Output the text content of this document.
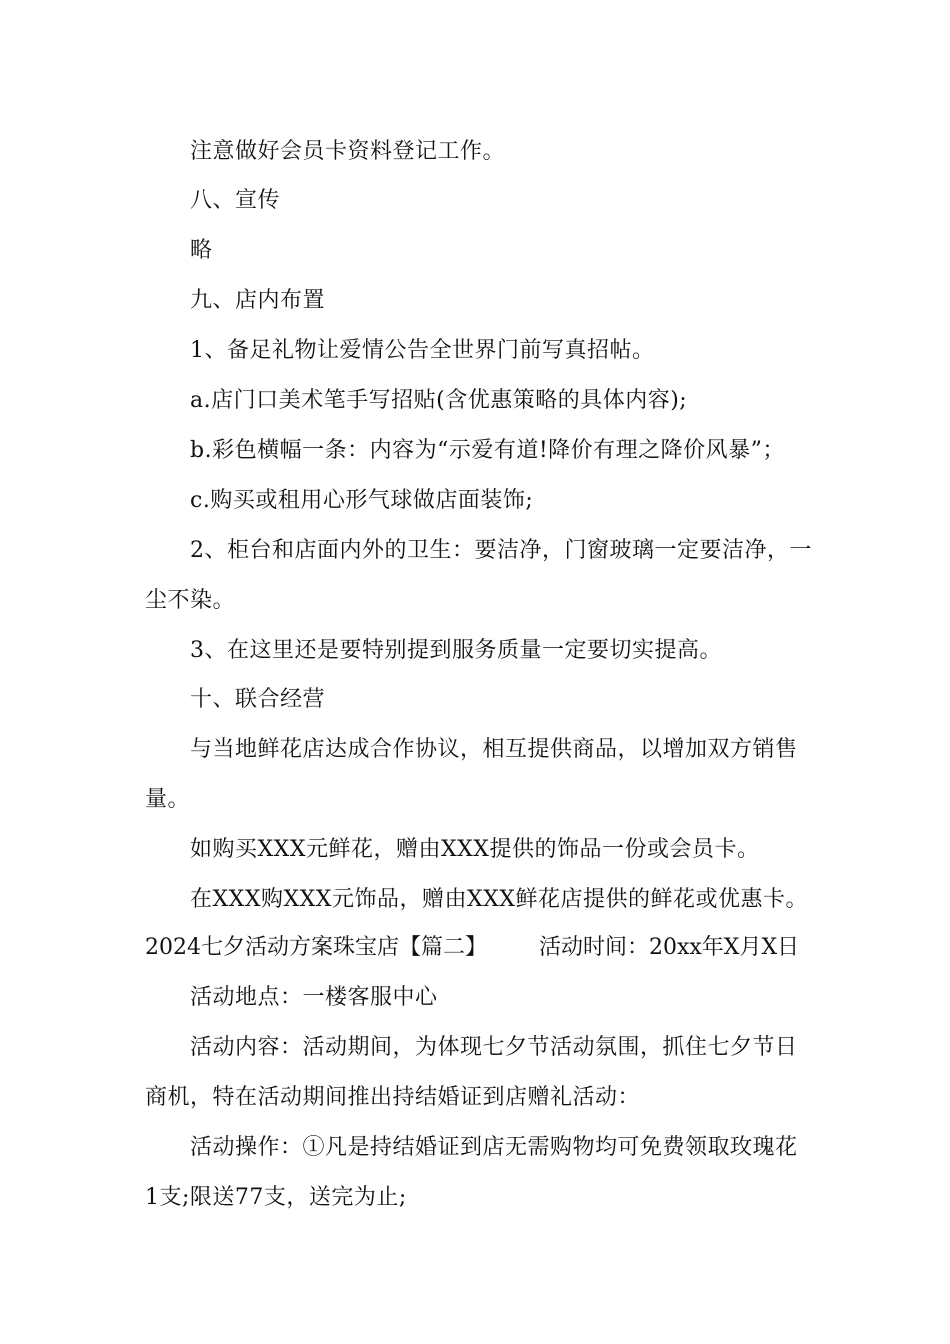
注意做好会员卡资料登记工作。
八、宣传
略
九、店内布置
1、备足礼物让爱情公告全世界门前写真招帖。
a.店门口美术笔手写招贴(含优惠策略的具体内容);
b.彩色横幅一条：内容为“示爱有道!降价有理之降价风暴”；
c.购买或租用心形气球做店面装饰;
2、柜台和店面内外的卫生：要洁净，门窗玻璃一定要洁净，一
尘不染。
3、在这里还是要特别提到服务质量一定要切实提高。
十、联合经营
与当地鲜花店达成合作协议，相互提供商品，以增加双方销售
量。
如购买XXX元鲜花，赠由XXX提供的饰品一份或会员卡。
在XXX购XXX元饰品，赠由XXX鲜花店提供的鲜花或优惠卡。
2024七夕活动方案珠宝店【篇二】 活动时间：20xx年X月X日
活动地点：一楼客服中心
活动内容：活动期间，为体现七夕节活动氛围，抓住七夕节日
商机，特在活动期间推出持结婚证到店赠礼活动：
活动操作：①凡是持结婚证到店无需购物均可免费领取玫瑰花
1支;限送77支，送完为止;
